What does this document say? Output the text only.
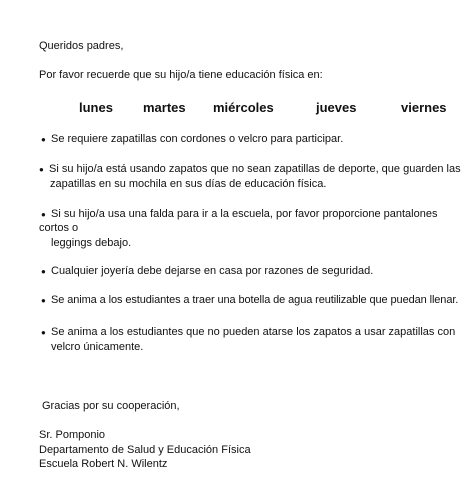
Queridos padres,
Por favor recuerde que su hijo/a tiene educación física en:
lunes martes miércoles	jueves	viernes
● Se requiere zapatillas con cordones o velcro para participar.
● Si su hijo/a está usando zapatos que no sean zapatillas de deporte, que guarden las
zapatillas en su mochila en sus días de educación física.
● Si su hijo/a usa una falda para ir a la escuela, por favor proporcione pantalones
cortos o
leggings debajo.
● Cualquier joyería debe dejarse en casa por razones de seguridad.
● Se anima a los estudiantes a traer una botella de agua reutilizable que puedan llenar.
● Se anima a los estudiantes que no pueden atarse los zapatos a usar zapatillas con
velcro únicamente.
Gracias por su cooperación,
Sr. Pomponio
Departamento de Salud y Educación Física
Escuela Robert N. Wilentz
